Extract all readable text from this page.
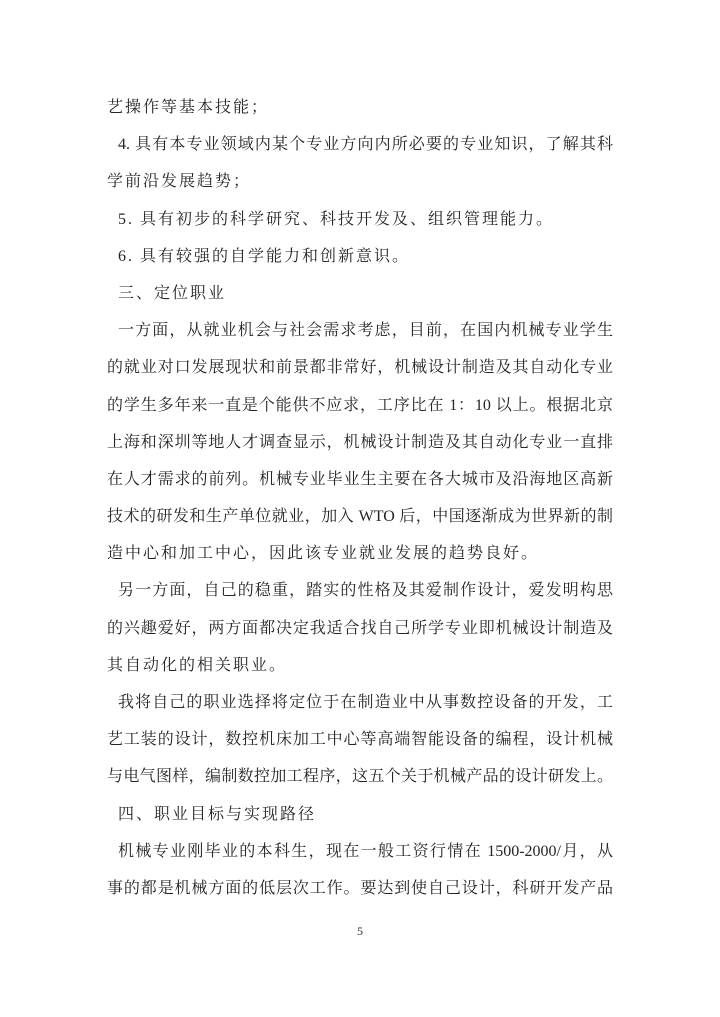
艺操作等基本技能；
4. 具有本专业领域内某个专业方向内所必要的专业知识，了解其科
学前沿发展趋势；
5. 具有初步的科学研究、科技开发及、组织管理能力。
6. 具有较强的自学能力和创新意识。
三、定位职业
一方面，从就业机会与社会需求考虑，目前，在国内机械专业学生
的就业对口发展现状和前景都非常好，机械设计制造及其自动化专业
的学生多年来一直是个能供不应求，工序比在 1：10 以上。根据北京
上海和深圳等地人才调查显示，机械设计制造及其自动化专业一直排
在人才需求的前列。机械专业毕业生主要在各大城市及沿海地区高新
技术的研发和生产单位就业，加入 WTO 后，中国逐渐成为世界新的制
造中心和加工中心，因此该专业就业发展的趋势良好。
另一方面，自己的稳重，踏实的性格及其爱制作设计，爱发明构思
的兴趣爱好，两方面都决定我适合找自己所学专业即机械设计制造及
其自动化的相关职业。
我将自己的职业选择将定位于在制造业中从事数控设备的开发，工
艺工装的设计，数控机床加工中心等高端智能设备的编程，设计机械
与电气图样，编制数控加工程序，这五个关于机械产品的设计研发上。
四、职业目标与实现路径
机械专业刚毕业的本科生，现在一般工资行情在 1500-2000/月，从
事的都是机械方面的低层次工作。要达到使自己设计，科研开发产品
5
